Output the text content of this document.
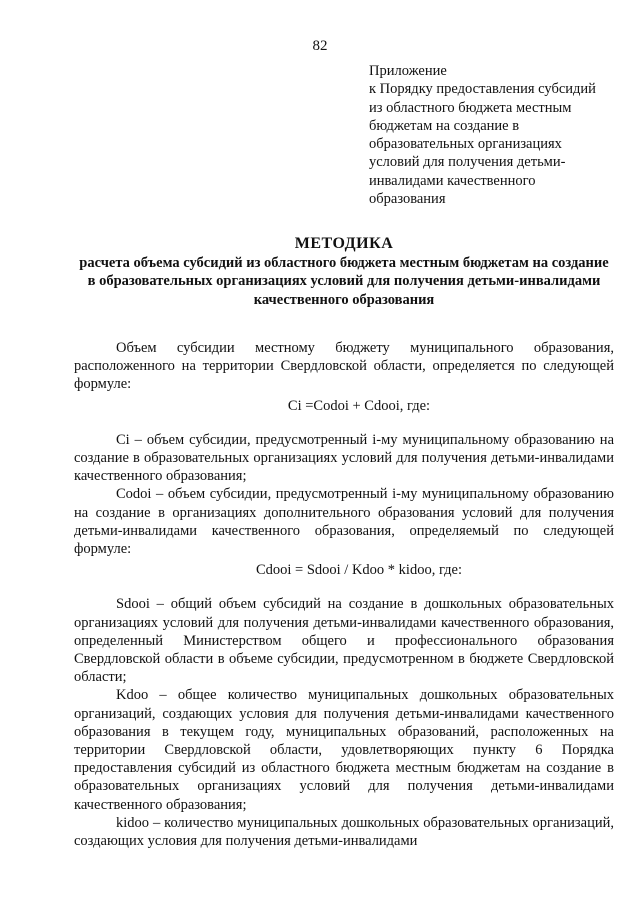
82
Приложение
к Порядку предоставления субсидий
из областного бюджета местным
бюджетам на создание в
образовательных организациях
условий для получения детьми-
инвалидами качественного
образования
МЕТОДИКА
расчета объема субсидий из областного бюджета местным бюджетам на создание в образовательных организациях условий для получения детьми-инвалидами качественного образования
Объем субсидии местному бюджету муниципального образования, расположенного на территории Свердловской области, определяется по следующей формуле:
Ci =Codoi + Cdooi, где:
Ci – объем субсидии, предусмотренный i-му муниципальному образованию на создание в образовательных организациях условий для получения детьми-инвалидами качественного образования;
Codoi – объем субсидии, предусмотренный i-му муниципальному образованию на создание в организациях дополнительного образования условий для получения детьми-инвалидами качественного образования, определяемый по следующей формуле:
Cdooi = Sdooi / Kdoo * kidoo, где:
Sdooi – общий объем субсидий на создание в дошкольных образовательных организациях условий для получения детьми-инвалидами качественного образования, определенный Министерством общего и профессионального образования Свердловской области в объеме субсидии, предусмотренном в бюджете Свердловской области;
Kdoo – общее количество муниципальных дошкольных образовательных организаций, создающих условия для получения детьми-инвалидами качественного образования в текущем году, муниципальных образований, расположенных на территории Свердловской области, удовлетворяющих пункту 6 Порядка предоставления субсидий из областного бюджета местным бюджетам на создание в образовательных организациях условий для получения детьми-инвалидами качественного образования;
kidoo – количество муниципальных дошкольных образовательных организаций, создающих условия для получения детьми-инвалидами
